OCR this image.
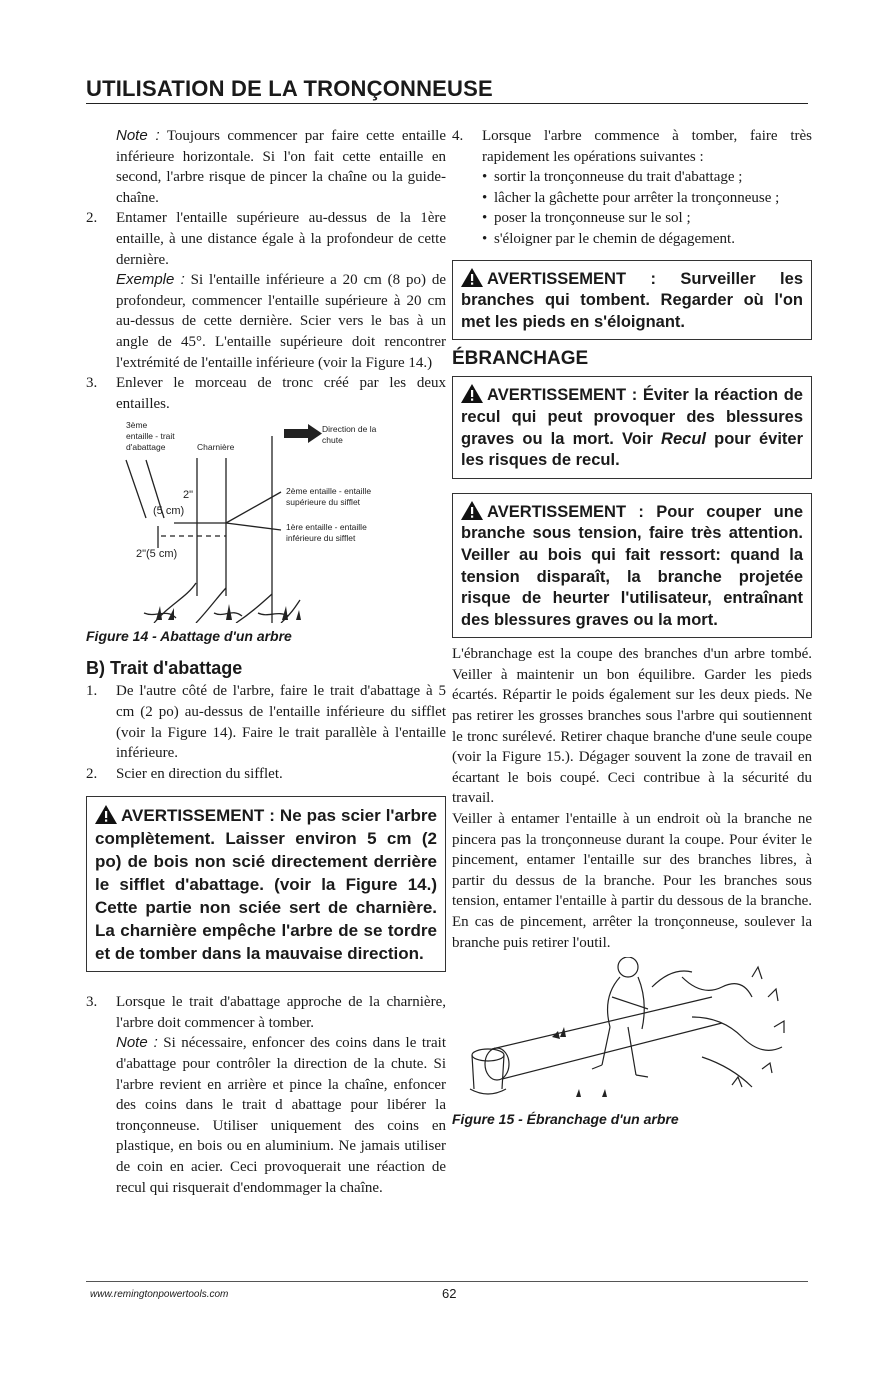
UTILISATION DE LA TRONÇONNEUSE

Note : Toujours commencer par faire cette entaille inférieure horizontale. Si l'on fait cette entaille en second, l'arbre risque de pincer la chaîne ou la guide-chaîne.

2. Entamer l'entaille supérieure au-dessus de la 1ère entaille, à une distance égale à la profondeur de cette dernière.

Exemple : Si l'entaille inférieure a 20 cm (8 po) de profondeur, commencer l'entaille supérieure à 20 cm au-dessus de cette dernière. Scier vers le bas à un angle de 45°. L'entaille supérieure doit rencontrer l'extrémité de l'entaille inférieure (voir la Figure 14.)

3. Enlever le morceau de tronc créé par les deux entailles.
3ème
entaille - trait
d'abattage	Charnière
Direction de la
chute
2ème entaille - entaille
supérieure du sifflet
1ère entaille - entaille
inférieure du sifflet
2"
(5 cm)
2"(5 cm)

Figure 14 - Abattage d'un arbre

B) Trait d'abattage

1. De l'autre côté de l'arbre, faire le trait d'abattage à 5 cm (2 po) au-dessus de l'entaille inférieure du sifflet (voir la Figure 14). Faire le trait parallèle à l'entaille inférieure.
2. Scier en direction du sifflet.
AVERTISSEMENT : Ne pas scier l'arbre complètement. Laisser environ 5 cm (2 po) de bois non scié directement derrière le sifflet d'abattage. (voir la Figure 14.) Cette partie non sciée sert de charnière. La charnière empêche l'arbre de se tordre et de tomber dans la mauvaise direction.
3. Lorsque le trait d'abattage approche de la charnière, l'arbre doit commencer à tomber.

Note : Si nécessaire, enfoncer des coins dans le trait d'abattage pour contrôler la direction de la chute. Si l'arbre revient en arrière et pince la chaîne, enfoncer des coins dans le trait d abattage pour libérer la tronçonneuse. Utiliser uniquement des coins en plastique, en bois ou en aluminium. Ne jamais utiliser de coin en acier. Ceci provoquerait une réaction de recul qui risquerait d'endommager la chaîne.

4. Lorsque l'arbre commence à tomber, faire très rapidement les opérations suivantes :
• sortir la tronçonneuse du trait d'abattage ;
• lâcher la gâchette pour arrêter la tronçonneuse ;
• poser la tronçonneuse sur le sol ;
• s'éloigner par le chemin de dégagement.
AVERTISSEMENT : Surveiller les branches qui tombent. Regarder où l'on met les pieds en s'éloignant.

ÉBRANCHAGE

AVERTISSEMENT : Éviter la réaction de recul qui peut provoquer des blessures graves ou la mort. Voir Recul pour éviter les risques de recul.
AVERTISSEMENT : Pour couper une branche sous tension, faire très attention. Veiller au bois qui fait ressort: quand la tension disparaît, la branche projetée risque de heurter l'utilisateur, entraînant des blessures graves ou la mort.

L'ébranchage est la coupe des branches d'un arbre tombé. Veiller à maintenir un bon équilibre. Garder les pieds écartés. Répartir le poids également sur les deux pieds. Ne pas retirer les grosses branches sous l'arbre qui soutiennent le tronc surélevé. Retirer chaque branche d'une seule coupe (voir la Figure 15.). Dégager souvent la zone de travail en écartant le bois coupé. Ceci contribue à la sécurité du travail.

Veiller à entamer l'entaille à un endroit où la branche ne pincera pas la tronçonneuse durant la coupe. Pour éviter le pincement, entamer l'entaille sur des branches libres, à partir du dessus de la branche. Pour les branches sous tension, entamer l'entaille à partir du dessous de la branche. En cas de pincement, arrêter la tronçonneuse, soulever la branche puis retirer l'outil.

Figure 15 - Ébranchage d'un arbre

www.remingtonpowertools.com	62
